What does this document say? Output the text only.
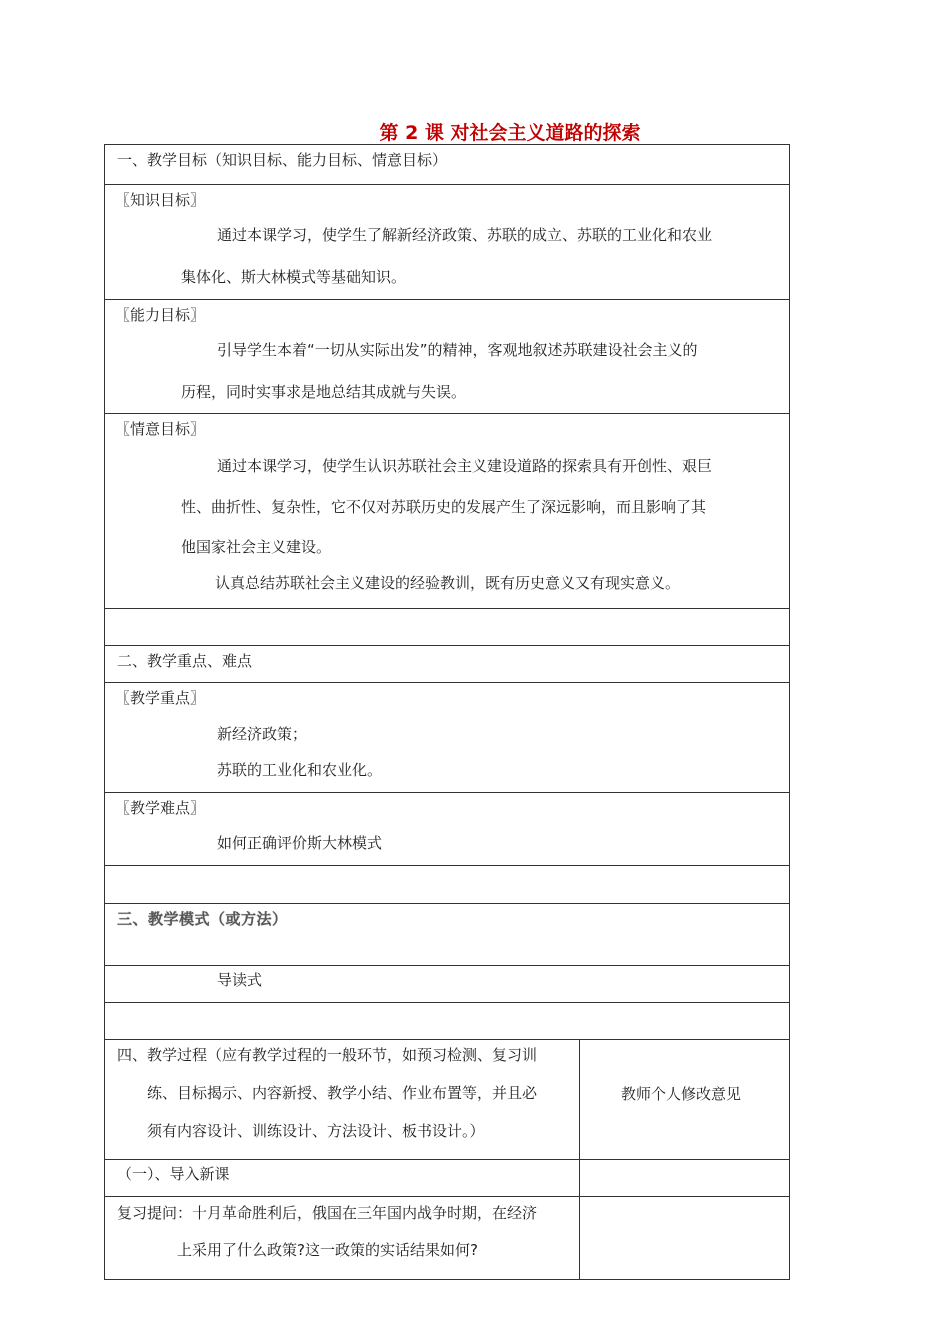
第 2 课 对社会主义道路的探索
一、教学目标（知识目标、能力目标、情意目标）
〖知识目标〗
通过本课学习，使学生了解新经济政策、苏联的成立、苏联的工业化和农业
集体化、斯大林模式等基础知识。
〖能力目标〗
引导学生本着“一切从实际出发”的精神，客观地叙述苏联建设社会主义的
历程，同时实事求是地总结其成就与失误。
〖情意目标〗
通过本课学习，使学生认识苏联社会主义建设道路的探索具有开创性、艰巨
性、曲折性、复杂性，它不仅对苏联历史的发展产生了深远影响，而且影响了其
他国家社会主义建设。
认真总结苏联社会主义建设的经验教训，既有历史意义又有现实意义。
二、教学重点、难点
〖教学重点〗
新经济政策；
苏联的工业化和农业化。
〖教学难点〗
如何正确评价斯大林模式
三、教学模式（或方法）
导读式
四、教学过程（应有教学过程的一般环节，如预习检测、复习训
练、目标揭示、内容新授、教学小结、作业布置等，并且必
须有内容设计、训练设计、方法设计、板书设计。）
教师个人修改意见
（一）、导入新课
复习提问：十月革命胜利后，俄国在三年国内战争时期，在经济
上采用了什么政策?这一政策的实话结果如何?
